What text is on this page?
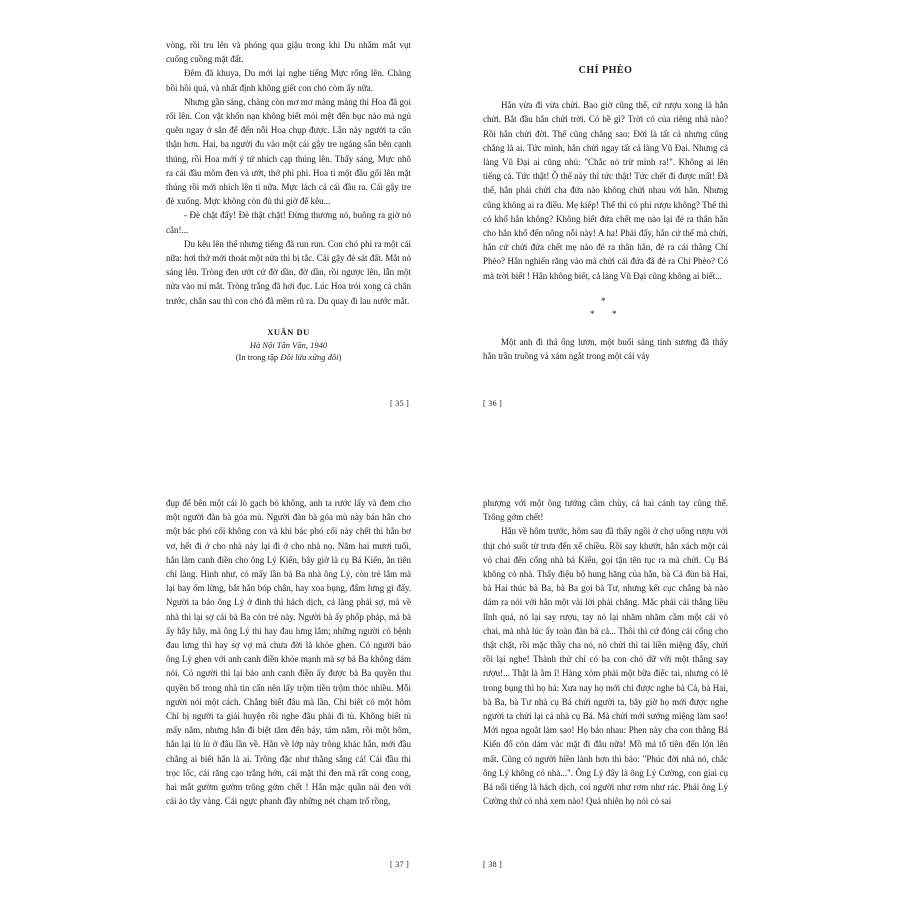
vòng, rồi tru lên và phóng qua giậu trong khi Du nhắm mắt vụt cuống cuồng mặt đất.

Đêm đã khuya, Du mới lại nghe tiếng Mực rống lên. Chàng bồi hồi quá, và nhất định không giết con chó còm ấy nữa.

Nhưng gần sáng, chàng còn mơ mơ màng màng thì Hoa đã gọi rối lên. Con vật khốn nạn không biết mỏi mệt đến bục nào mà ngủ quên ngay ở sân để đến nỗi Hoa chụp được. Lần này người ta cẩn thận hơn. Hai, ba người đu vào một cái gậy tre ngáng sẵn bên cạnh thúng, rồi Hoa mới ý tứ nhích cạp thúng lên. Thấy sáng, Mực nhô ra cái đầu mõm đen và ướt, thở phì phì. Hoa ti một đầu gối lên mặt thúng rồi mới nhích lên tí nữa. Mực lách cả cái đầu ra. Cái gậy tre đè xuống. Mực không còn đủ thì giờ để kêu...

- Đè chặt đấy! Đè thật chặt! Đừng thương nó, buông ra giờ nó cắn!...

Du kêu lên thế nhưng tiếng đã run run. Con chó phì ra một cái nữa: hơi thở mới thoát một nửa thì bị tắc. Cái gậy đè sát đất. Mắt nó sáng lên. Tròng đen ướt cứ đờ dần, đờ dần, rồi ngược lên, lẫn một nửa vào mí mắt. Tròng trắng đã hơi đục. Lúc Hoa trói xong cả chân trước, chân sau thì con chó đã mềm rũ ra. Du quay đi lau nước mắt.

XUÂN DU
Hà Nội Tân Văn, 1940
(In trong tập Đôi lứa xứng đôi)
[ 35 ]
CHÍ PHÈO

Hắn vừa đi vừa chửi. Bao giờ cũng thế, cứ rượu xong là hắn chửi. Bắt đầu hắn chửi trời. Có hề gì? Trời có của riêng nhà nào? Rồi hắn chửi đời. Thế cũng chẳng sao: Đời là tất cả nhưng cũng chẳng là ai. Tức mình, hắn chửi ngay tất cả làng Vũ Đại. Nhưng cả làng Vũ Đại ai cũng nhủ: "Chắc nó trừ mình ra!". Không ai lên tiếng cả. Tức thật! Ồ thế này thì tức thật! Tức chết đi được mất! Đã thế, hắn phải chửi cha đứa nào không chửi nhau với hắn. Nhưng cũng không ai ra điều. Mẹ kiếp! Thế thì có phí rượu không? Thế thì có khổ hắn không? Không biết đứa chết mẹ nào lại đẻ ra thân hắn cho hắn khổ đến nông nỗi này! A ha! Phải đấy, hắn cứ thế mà chửi, hắn cứ chửi đứa chết mẹ nào đẻ ra thân hắn, đẻ ra cái thằng Chí Phèo? Hắn nghiến răng vào mà chửi cái đứa đã đẻ ra Chí Phèo? Có mà trời biết ! Hắn không biết, cả làng Vũ Đại cũng không ai biết...

*
* *

Một anh đi thả ống lươn, một buổi sáng tinh sương đã thấy hắn trần truồng và xám ngắt trong một cái váy

[ 36 ]

đụp để bên một cái lò gạch bỏ không, anh ta rước lấy và đem cho một người đàn bà góa mù. Người đàn bà góa mù này bán hắn cho một bác phó cối không con và khi bác phó cối này chết thì hắn bơ vơ, hết đi ở cho nhà này lại đi ở cho nhà nọ. Năm hai mươi tuổi, hắn làm canh điền cho ông Lý Kiến, bây giờ là cụ Bá Kiến, ăn tiên chỉ làng. Hình như, có mấy lần bà Ba nhà ông Lý, còn trẻ lắm mà lại hay ốm lửng, bắt hắn bóp chân, hay xoa bụng, đấm lưng gì đấy. Người ta bảo ông Lý ở đình thì hách dịch, cả làng phải sợ, mà về nhà thì lại sợ cái bà Ba còn trẻ này. Người bà ấy phốp pháp, má bà ấy hây hây, mà ông Lý thì hay đau lưng lắm; những người có bệnh đau lưng thì hay sợ vợ mà chưa đời là khỏe ghen. Có người bảo ông Lý ghen với anh canh điền khỏe mạnh mà sợ bà Ba không dám nói. Có người thì lại bảo anh canh điền ấy được bà Ba quyền thu quyền bổ trong nhà tin cẩn nên lấy trộm tiền trộm thóc nhiều. Mỗi người nói một cách. Chẳng biết đâu mà lần. Chỉ biết có một hôm Chí bị người ta giải huyện rồi nghe đâu phải đi tù. Không biết tù mấy năm, nhưng hắn đi biệt tăm đến bảy, tám năm, rồi một hôm, hắn lại lù lù ở đâu lần về. Hắn về lớp này trông khác hẳn, mới đầu chẳng ai biết hắn là ai. Trông đặc như thằng sắng cá! Cái đầu thì trọc lốc, cái răng cạo trắng hớn, cái mặt thì đen mà rất cong cong, hai mắt gườm gườm trông gớm chết ! Hắn mặc quần nái đen với cái áo tây vàng. Cái ngực phanh đầy những nét chạm trổ rồng,

[ 37 ]

phượng với một ông tướng cầm chùy, cả hai cánh tay cũng thế. Trông gớm chết!

Hắn về hôm trước, hôm sau đã thấy ngồi ở chợ uống rượu với thịt chó suốt từ trưa đến xế chiều. Rồi say khướt, hắn xách một cái vỏ chai đến cổng nhà bá Kiến, gọi tận tên tục ra mà chửi. Cụ Bá không có nhà. Thấy điệu bộ hung hăng của hắn, bà Cả đùn bà Hai, bà Hai thúc bà Ba, bà Ba gọi bà Tư, nhưng kết cục chẳng bà nào dám ra nói với hắn một vài lời phải chăng. Mắc phải cái thằng liều lĩnh quá, nó lại say rượu, tay nó lại nhăm nhăm cầm một cái vỏ chai, mà nhà lúc ấy toàn đàn bà cả... Thôi thì cứ đóng cái cổng cho thật chặt, rồi mặc thầy cha nó, nó chửi thì tai liền miệng đấy, chửi rồi lại nghe! Thành thử chỉ có ba con chó dữ với một thằng say rượu!... Thật là ầm ĩ! Hàng xóm phải một bữa điếc tai, nhưng có lẽ trong bụng thì họ hả: Xưa nay họ mới chỉ được nghe bà Cả, bà Hai, bà Ba, bà Tư nhà cụ Bá chửi người ta, bây giờ họ mới được nghe người ta chửi lại cả nhà cụ Bá. Mà chửi mới sướng miệng làm sao! Mới ngoa ngoắt làm sao! Họ bảo nhau: Phen này cha con thằng Bá Kiến đố còn dám vác mặt đi đâu nữa! Mồ mả tổ tiên đến lộn lên mất. Cũng có người hiền lành hơn thì bảo: "Phúc đời nhà nó, chắc ông Lý không có nhà...". Ông Lý đấy là ông Lý Cường, con giai cụ Bá nổi tiếng là hách dịch, coi người như rơm như rác. Phải ông Lý Cường thử có nhà xem nào! Quả nhiên họ nói có sai

[ 38 ]
